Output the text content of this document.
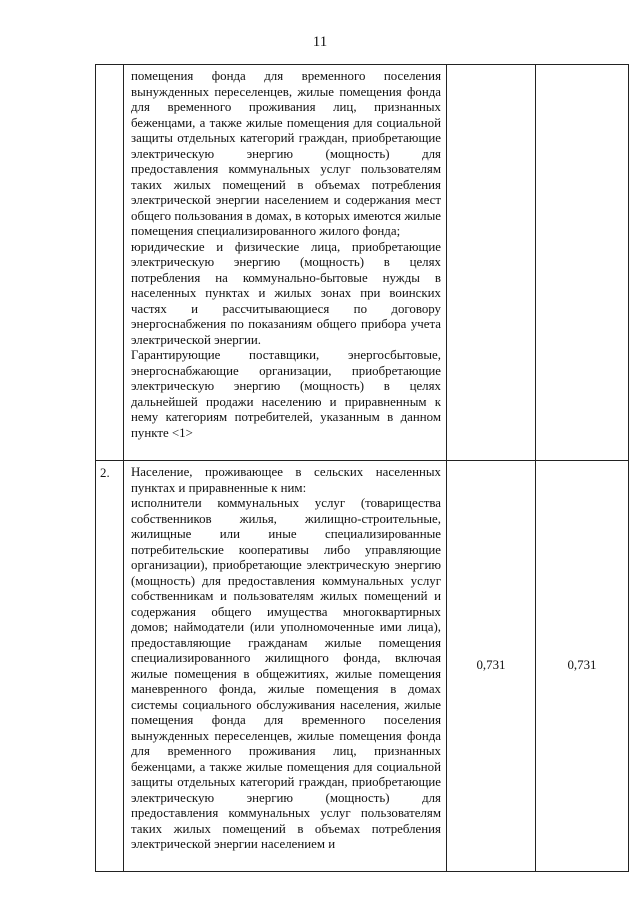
11

	помещения фонда для временного поселения вынужденных переселенцев, жилые помещения фонда для временного проживания лиц, признанных беженцами, а также жилые помещения для социальной защиты отдельных категорий граждан, приобретающие электрическую энергию (мощность) для предоставления коммунальных услуг пользователям таких жилых помещений в объемах потребления электрической энергии населением и содержания мест общего пользования в домах, в которых имеются жилые помещения специализированного жилого фонда;

юридические и физические лица, приобретающие электрическую энергию (мощность) в целях потребления на коммунально-бытовые нужды в населенных пунктах и жилых зонах при воинских частях и рассчитывающиеся по договору энергоснабжения по показаниям общего прибора учета электрической энергии.

Гарантирующие поставщики, энергосбытовые, энергоснабжающие организации, приобретающие электрическую энергию (мощность) в целях дальнейшей продажи населению и приравненным к нему категориям потребителей, указанным в данном пункте <1>		

2.	Население, проживающее в сельских населенных пунктах и приравненные к ним:

исполнители коммунальных услуг (товарищества собственников жилья, жилищно-строительные, жилищные или иные специализированные потребительские кооперативы либо управляющие организации), приобретающие электрическую энергию (мощность) для предоставления коммунальных услуг собственникам и пользователям жилых помещений и содержания общего имущества многоквартирных домов; наймодатели (или уполномоченные ими лица), предоставляющие гражданам жилые помещения специализированного жилищного фонда, включая жилые помещения в общежитиях, жилые помещения маневренного фонда, жилые помещения в домах системы социального обслуживания населения, жилые помещения фонда для временного поселения вынужденных переселенцев, жилые помещения фонда для временного проживания лиц, признанных беженцами, а также жилые помещения для социальной защиты отдельных категорий граждан, приобретающие электрическую энергию (мощность) для предоставления коммунальных услуг пользователям таких жилых помещений в объемах потребления электрической энергии населением и	0,731	0,731
